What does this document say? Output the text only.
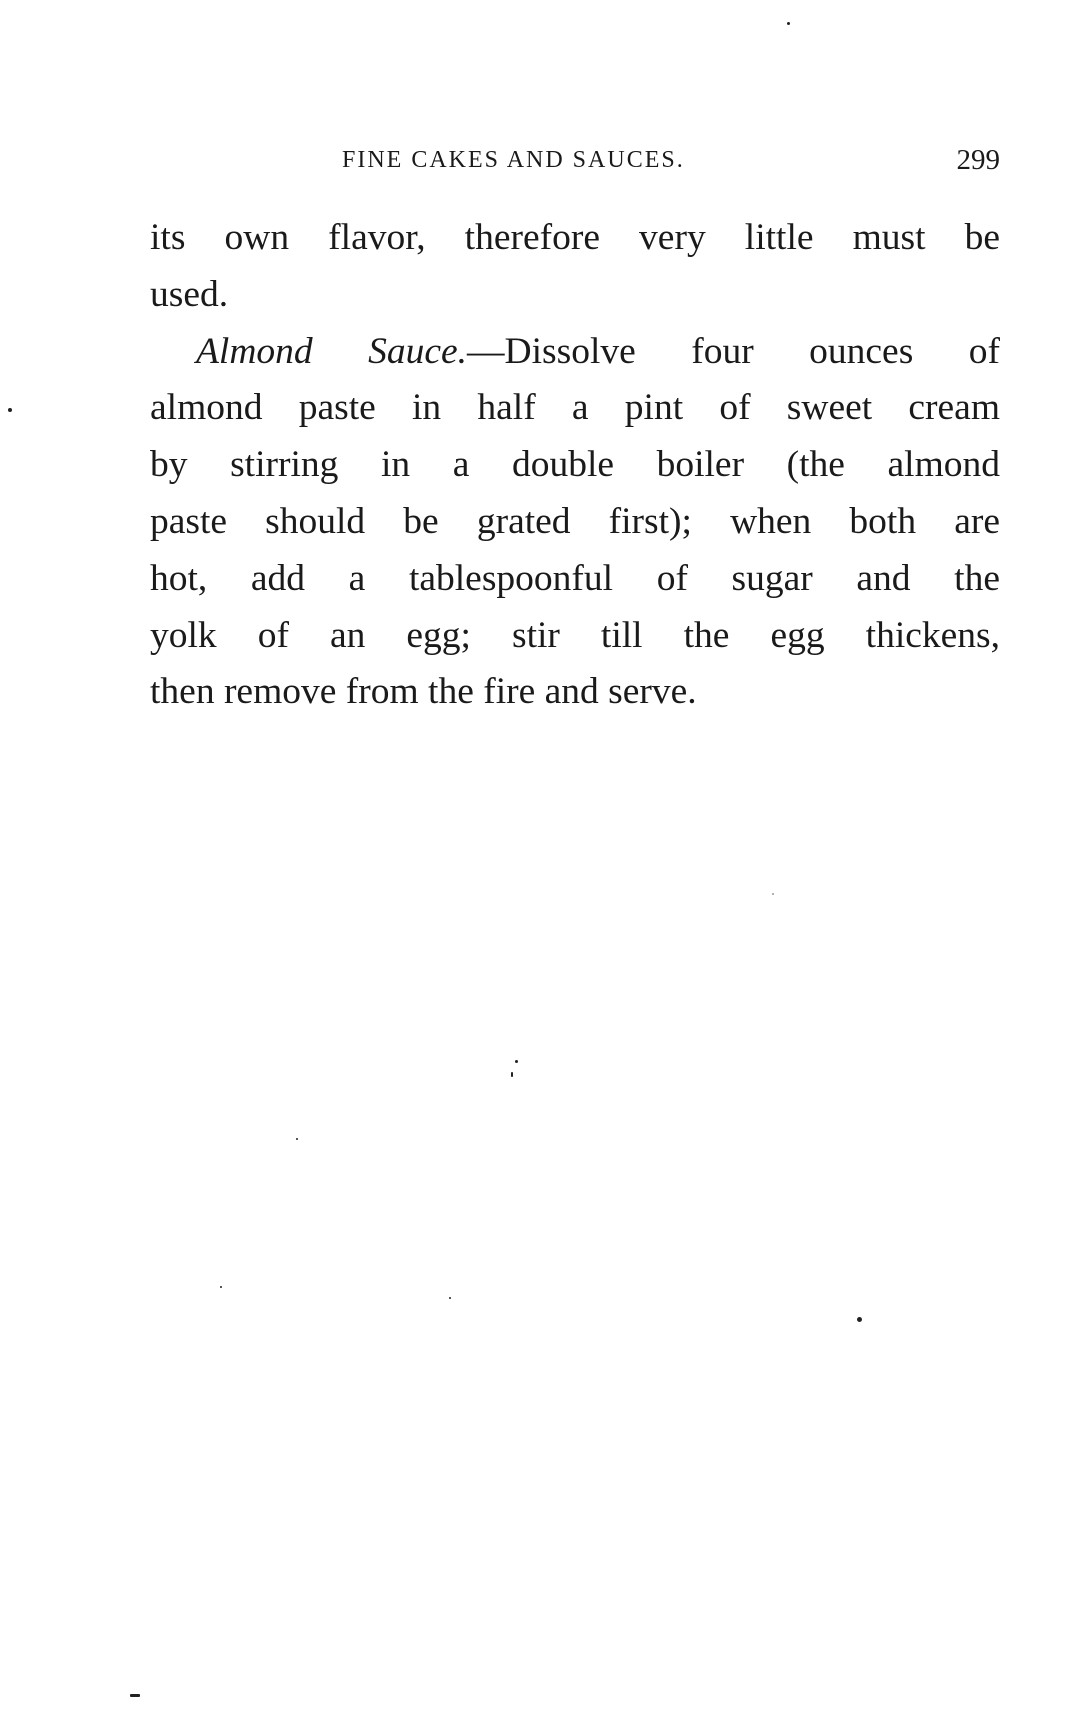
FINE CAKES AND SAUCES.	299
its own flavor, therefore very little must be
used.
Almond Sauce.—Dissolve four ounces of
almond paste in half a pint of sweet cream
by stirring in a double boiler (the almond
paste should be grated first); when both are
hot, add a tablespoonful of sugar and the
yolk of an egg; stir till the egg thickens,
then remove from the fire and serve.
